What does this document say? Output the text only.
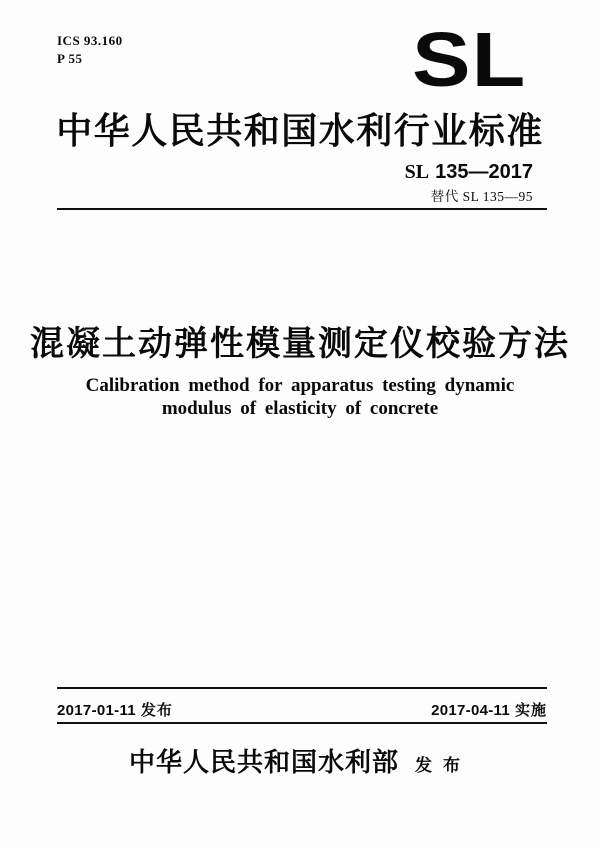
ICS 93.160
P 55	SL
中华人民共和国水利行业标准
SL 135—2017
替代 SL 135—95
混凝土动弹性模量测定仪校验方法
Calibration method for apparatus testing dynamic
modulus of elasticity of concrete
2017-01-11 发布	2017-04-11 实施
中华人民共和国水利部 发布
